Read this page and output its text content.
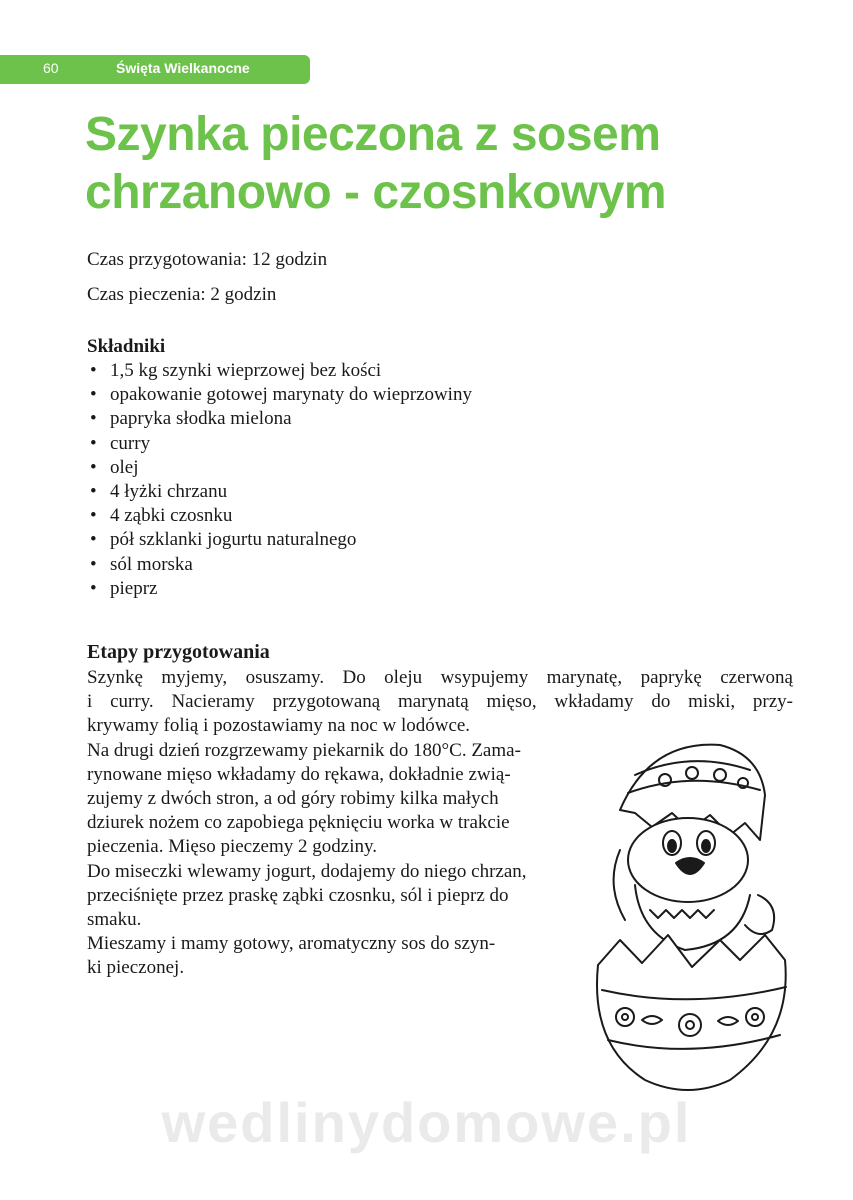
60	Święta Wielkanocne
Szynka pieczona z sosem
chrzanowo - czosnkowym
Czas przygotowania: 12 godzin
Czas pieczenia: 2 godzin
Składniki
• 1,5 kg szynki wieprzowej bez kości
• opakowanie gotowej marynaty do wieprzowiny
• papryka słodka mielona
• curry
• olej
• 4 łyżki chrzanu
• 4 ząbki czosnku
• pół szklanki jogurtu naturalnego
• sól morska
• pieprz
Etapy przygotowania
Szynkę myjemy, osuszamy. Do oleju wsypujemy marynatę, paprykę czerwoną
i curry. Nacieramy przygotowaną marynatą mięso, wkładamy do miski, przy-
krywamy folią i pozostawiamy na noc w lodówce.
Na drugi dzień rozgrzewamy piekarnik do 180°C. Zama-
rynowane mięso wkładamy do rękawa, dokładnie zwią-
zujemy z dwóch stron, a od góry robimy kilka małych
dziurek nożem co zapobiega pęknięciu worka w trakcie
pieczenia. Mięso pieczemy 2 godziny.
Do miseczki wlewamy jogurt, dodajemy do niego chrzan,
przeciśnięte przez praskę ząbki czosnku, sól i pieprz do
smaku.
Mieszamy i mamy gotowy, aromatyczny sos do szyn-
ki pieczonej.
wedlinydomowe.pl
